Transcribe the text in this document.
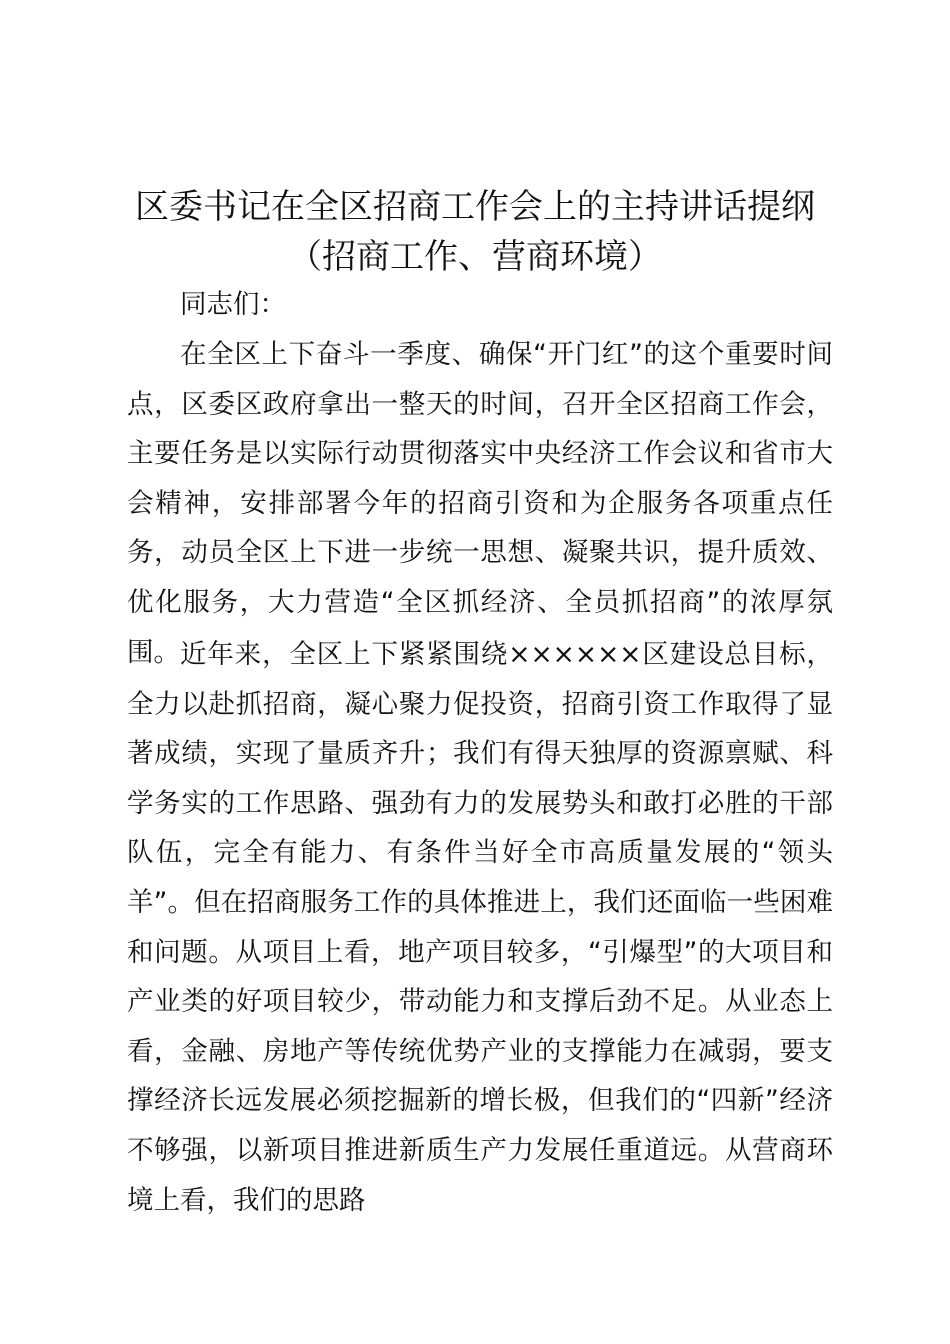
区委书记在全区招商工作会上的主持讲话提纲
（招商工作、营商环境）
同志们：
在全区上下奋斗一季度、确保“开门红”的这个重要时间点，区委区政府拿出一整天的时间，召开全区招商工作会，主要任务是以实际行动贯彻落实中央经济工作会议和省市大会精神，安排部署今年的招商引资和为企服务各项重点任务，动员全区上下进一步统一思想、凝聚共识，提升质效、优化服务，大力营造“全区抓经济、全员抓招商”的浓厚氛围。 近年来，全区上下紧紧围绕××××××区建设总目标，全力以赴抓招商，凝心聚力促投资，招商引资工作取得了显著成绩，实现了量质齐升；我们有得天独厚的资源禀赋、科学务实的工作思路、强劲有力的发展势头和敢打必胜的干部队伍，完全有能力、有条件当好全市高质量发展的“领头羊”。但在招商服务工作的具体推进上，我们还面临一些困难和问题。从项目上看，地产项目较多，“引爆型”的大项目和产业类的好项目较少，带动能力和支撑后劲不足。从业态上看，金融、房地产等传统优势产业的支撑能力在减弱，要支撑经济长远发展必须挖掘新的增长极，但我们的“四新”经济不够强，以新项目推进新质生产力发展任重道远。从营商环境上看，我们的思路
